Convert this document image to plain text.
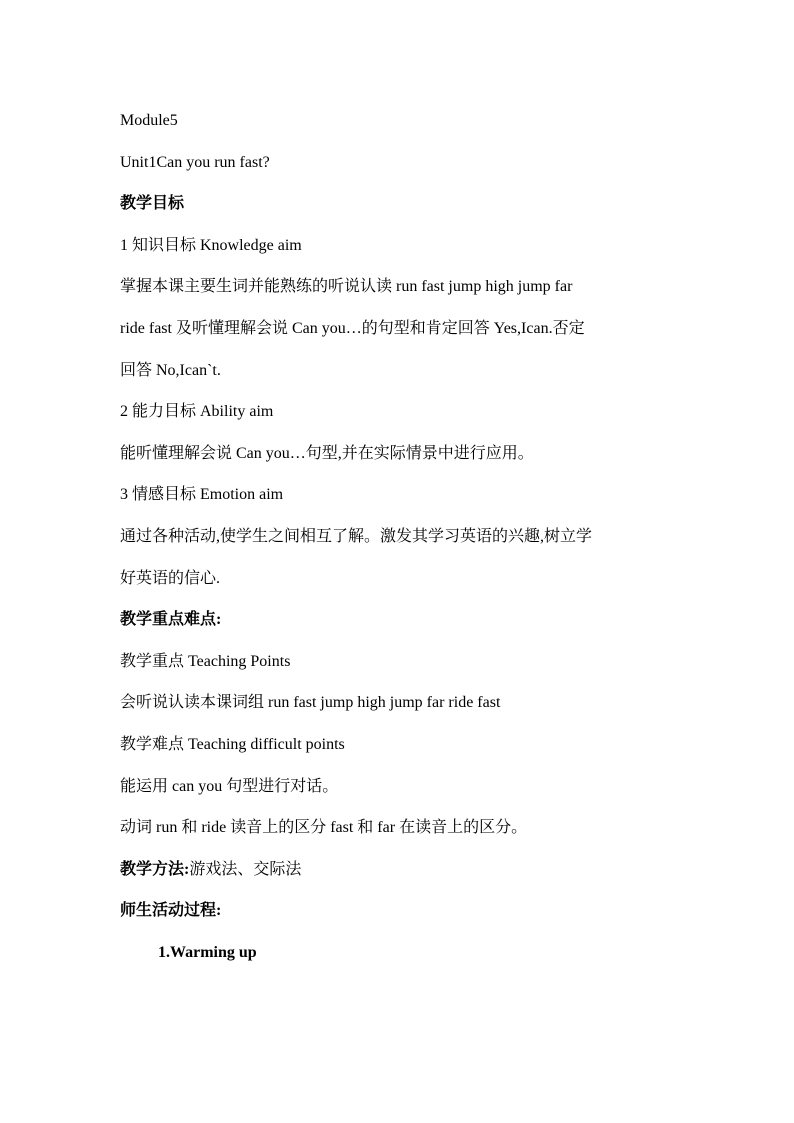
Module5

Unit1Can you run fast?

教学目标

1 知识目标 Knowledge aim

掌握本课主要生词并能熟练的听说认读 run fast jump high jump far

ride fast 及听懂理解会说 Can you…的句型和肯定回答 Yes,Ican.否定

回答 No,Ican`t.

2 能力目标 Ability aim

能听懂理解会说 Can you…句型,并在实际情景中进行应用。

3 情感目标 Emotion aim

通过各种活动,使学生之间相互了解。激发其学习英语的兴趣,树立学

好英语的信心.

教学重点难点:

教学重点 Teaching Points

会听说认读本课词组 run fast jump high jump far ride fast

教学难点 Teaching difficult points

能运用 can you 句型进行对话。

动词 run 和 ride 读音上的区分 fast 和 far 在读音上的区分。

教学方法:游戏法、交际法

师生活动过程:

1.Warming up
